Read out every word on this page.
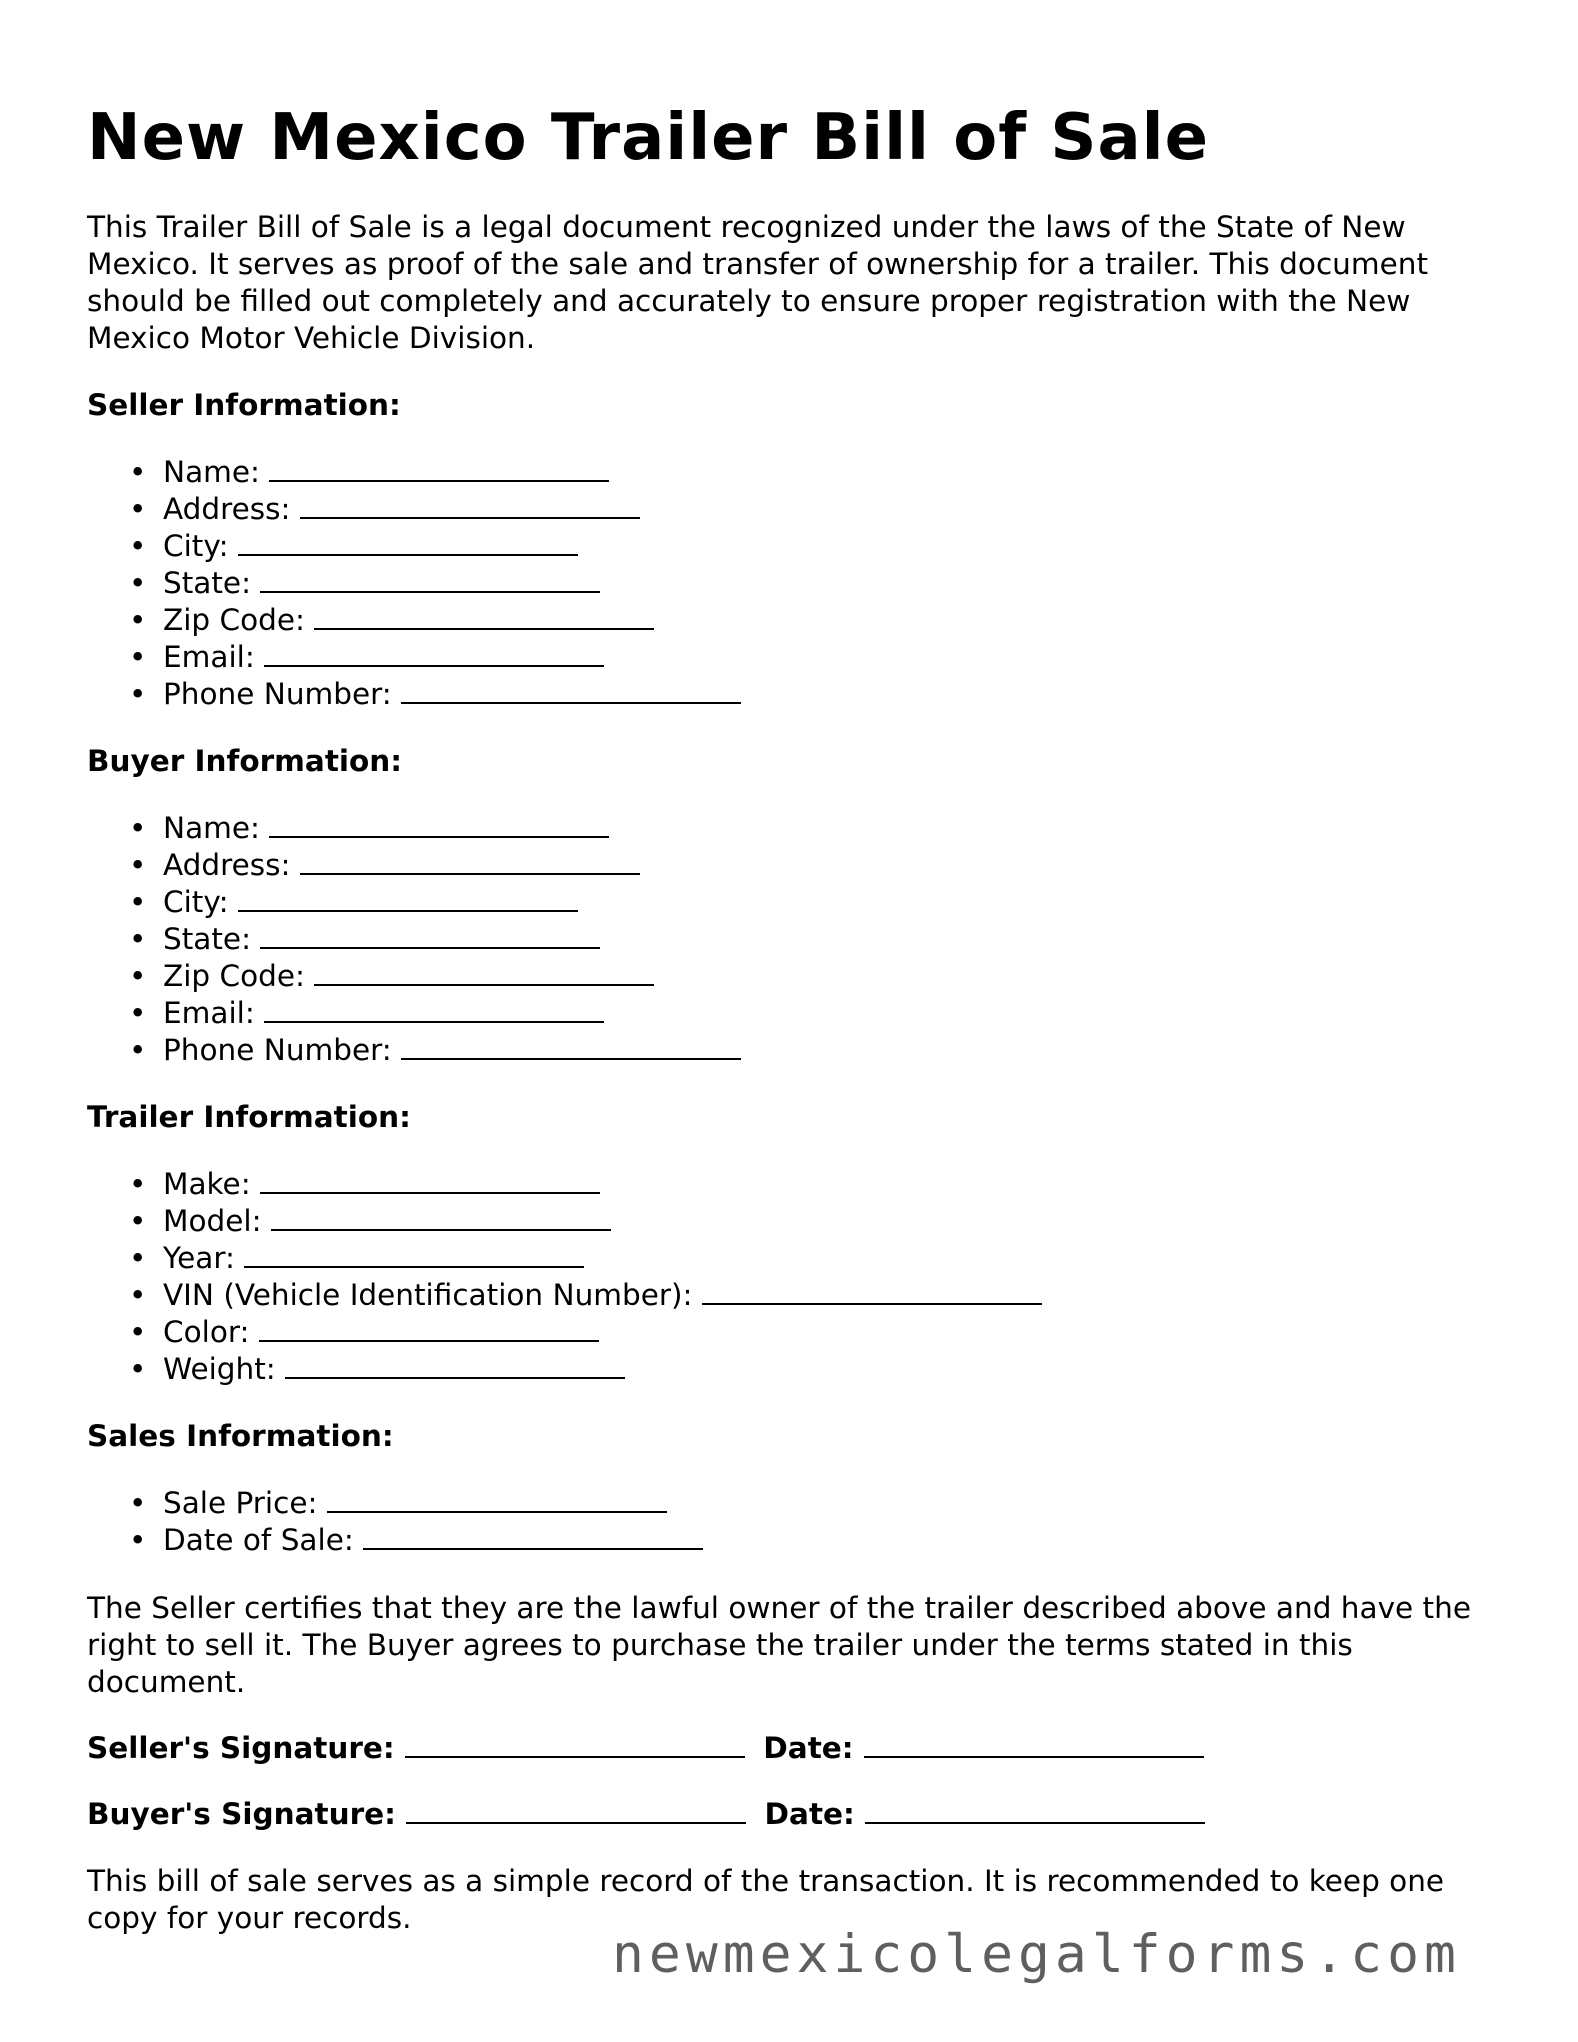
New Mexico Trailer Bill of Sale

This Trailer Bill of Sale is a legal document recognized under the laws of the State of New Mexico. It serves as proof of the sale and transfer of ownership for a trailer. This document should be filled out completely and accurately to ensure proper registration with the New Mexico Motor Vehicle Division.

Seller Information:
• Name:
• Address:
• City:
• State:
• Zip Code:
• Email:
• Phone Number:
Buyer Information:
• Name:
• Address:
• City:
• State:
• Zip Code:
• Email:
• Phone Number:
Trailer Information:
• Make:
• Model:
• Year:
• VIN (Vehicle Identification Number):
• Color:
• Weight:
Sales Information:
• Sale Price:
• Date of Sale:

The Seller certifies that they are the lawful owner of the trailer described above and have the right to sell it. The Buyer agrees to purchase the trailer under the terms stated in this document.

Seller's Signature:	Date:
Buyer's Signature:	Date:

This bill of sale serves as a simple record of the transaction. It is recommended to keep one copy for your records.

newmexicolegalforms.com
